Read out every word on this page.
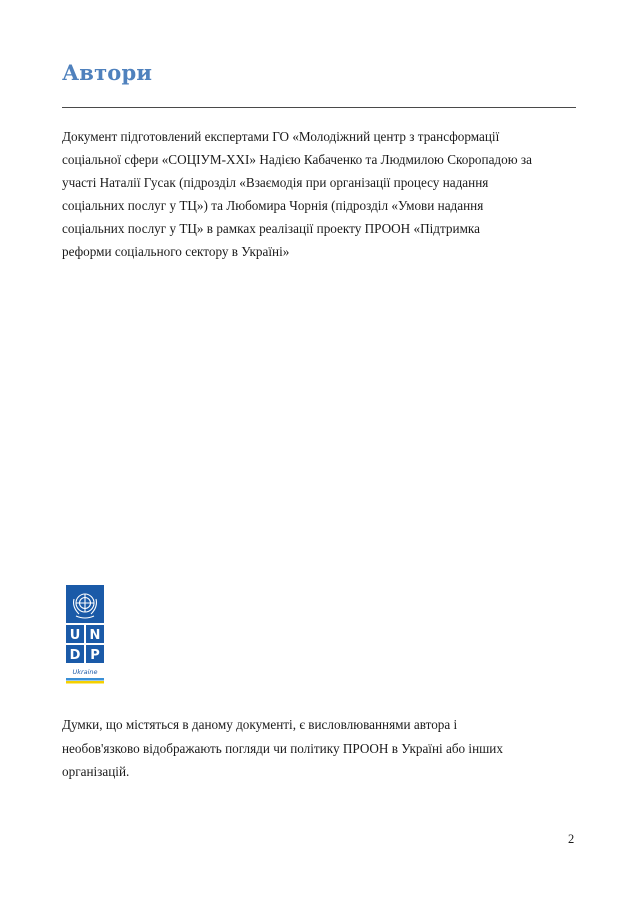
Автори

Документ підготовлений експертами ГО «Молодіжний центр з трансформації
соціальної сфери «СОЦІУМ-ХХІ» Надією Кабаченко та Людмилою Скоропадою за
участі Наталії Гусак (підрозділ «Взаємодія при організації процесу надання
соціальних послуг у ТЦ») та Любомира Чорнія (підрозділ «Умови надання
соціальних послуг у ТЦ» в рамках реалізації проекту ПРООН «Підтримка
реформи соціального сектору в Україні»

U N
D P
Ukraine

Думки, що містяться в даному документі, є висловлюваннями автора і
необов'язково відображають погляди чи політику ПРООН в Україні або інших
організацій.

2
